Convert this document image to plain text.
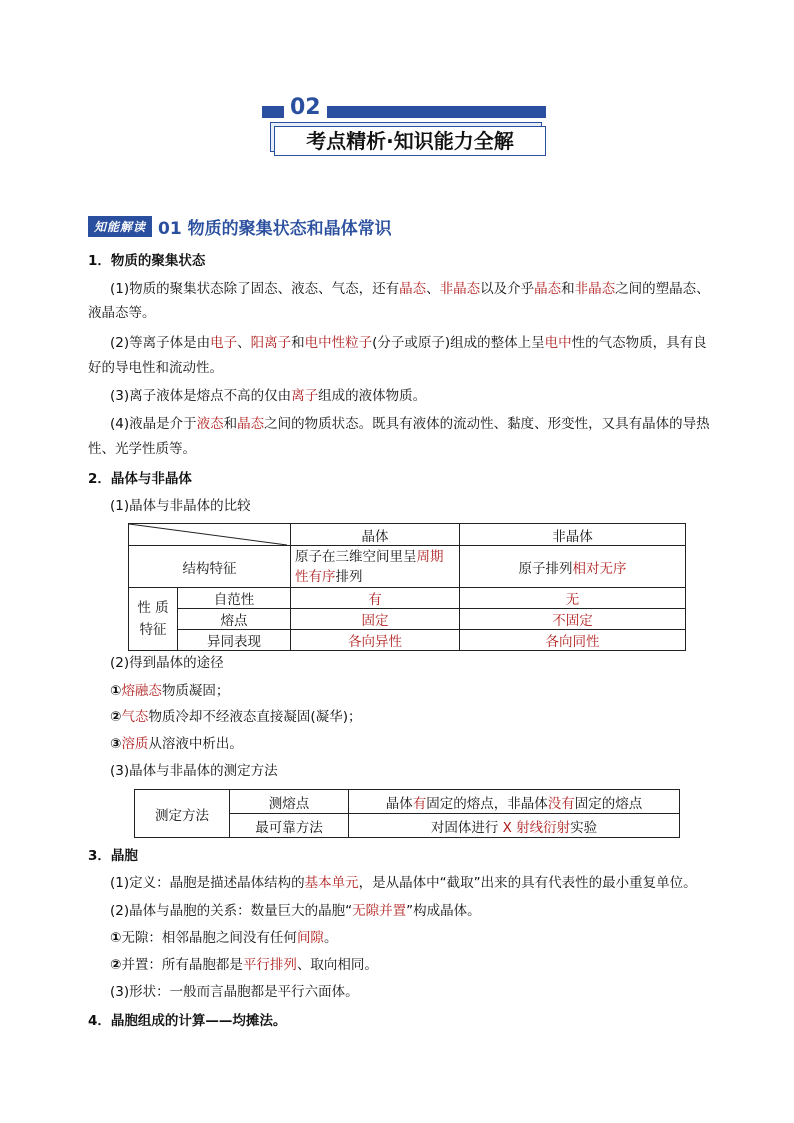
02
考点精析·知识能力全解
知能解读 01 物质的聚集状态和晶体常识
1．物质的聚集状态
(1)物质的聚集状态除了固态、液态、气态，还有晶态、非晶态以及介乎晶态和非晶态之间的塑晶态、
液晶态等。
(2)等离子体是由电子、阳离子和电中性粒子(分子或原子)组成的整体上呈电中性的气态物质，具有良
好的导电性和流动性。
(3)离子液体是熔点不高的仅由离子组成的液体物质。
(4)液晶是介于液态和晶态之间的物质状态。既具有液体的流动性、黏度、形变性，又具有晶体的导热
性、光学性质等。
2．晶体与非晶体
(1)晶体与非晶体的比较
	晶体	非晶体
结构特征		原子在三维空间里呈周期
性有序排列	原子排列相对无序
性 质特征	自范性	有	无
	熔点	固定	不固定
	异同表现	各向异性	各向同性
(2)得到晶体的途径
①熔融态物质凝固；
②气态物质冷却不经液态直接凝固(凝华)；
③溶质从溶液中析出。
(3)晶体与非晶体的测定方法
测定方法	测熔点	晶体有固定的熔点，非晶体没有固定的熔点
	最可靠方法	对固体进行 X 射线衍射实验
3．晶胞
(1)定义：晶胞是描述晶体结构的基本单元，是从晶体中“截取”出来的具有代表性的最小重复单位。
(2)晶体与晶胞的关系：数量巨大的晶胞“无隙并置”构成晶体。
①无隙：相邻晶胞之间没有任何间隙。
②并置：所有晶胞都是平行排列、取向相同。
(3)形状：一般而言晶胞都是平行六面体。
4．晶胞组成的计算——均摊法。
